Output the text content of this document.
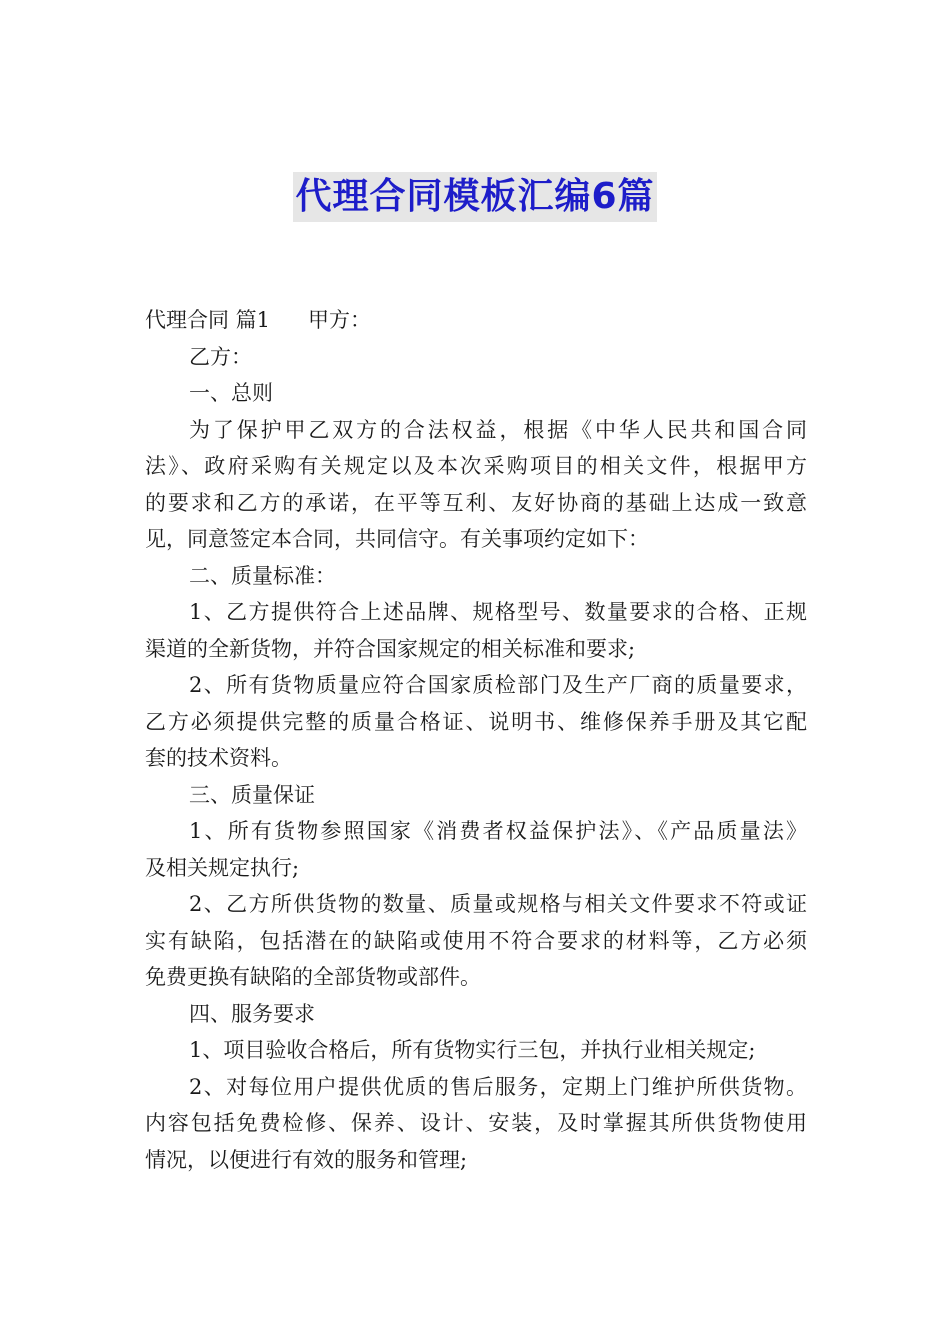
代理合同模板汇编6篇
代理合同 篇1 甲方：
乙方：
一、总则
为了保护甲乙双方的合法权益，根据《中华人民共和国合同
法》、政府采购有关规定以及本次采购项目的相关文件，根据甲方
的要求和乙方的承诺，在平等互利、友好协商的基础上达成一致意
见，同意签定本合同，共同信守。有关事项约定如下：
二、质量标准：
1、乙方提供符合上述品牌、规格型号、数量要求的合格、正规
渠道的全新货物，并符合国家规定的相关标准和要求;
2、所有货物质量应符合国家质检部门及生产厂商的质量要求，
乙方必须提供完整的质量合格证、说明书、维修保养手册及其它配
套的技术资料。
三、质量保证
1、所有货物参照国家《消费者权益保护法》、《产品质量法》
及相关规定执行;
2、乙方所供货物的数量、质量或规格与相关文件要求不符或证
实有缺陷，包括潜在的缺陷或使用不符合要求的材料等，乙方必须
免费更换有缺陷的全部货物或部件。
四、服务要求
1、项目验收合格后，所有货物实行三包，并执行业相关规定;
2、对每位用户提供优质的售后服务，定期上门维护所供货物。
内容包括免费检修、保养、设计、安装，及时掌握其所供货物使用
情况，以便进行有效的服务和管理;
